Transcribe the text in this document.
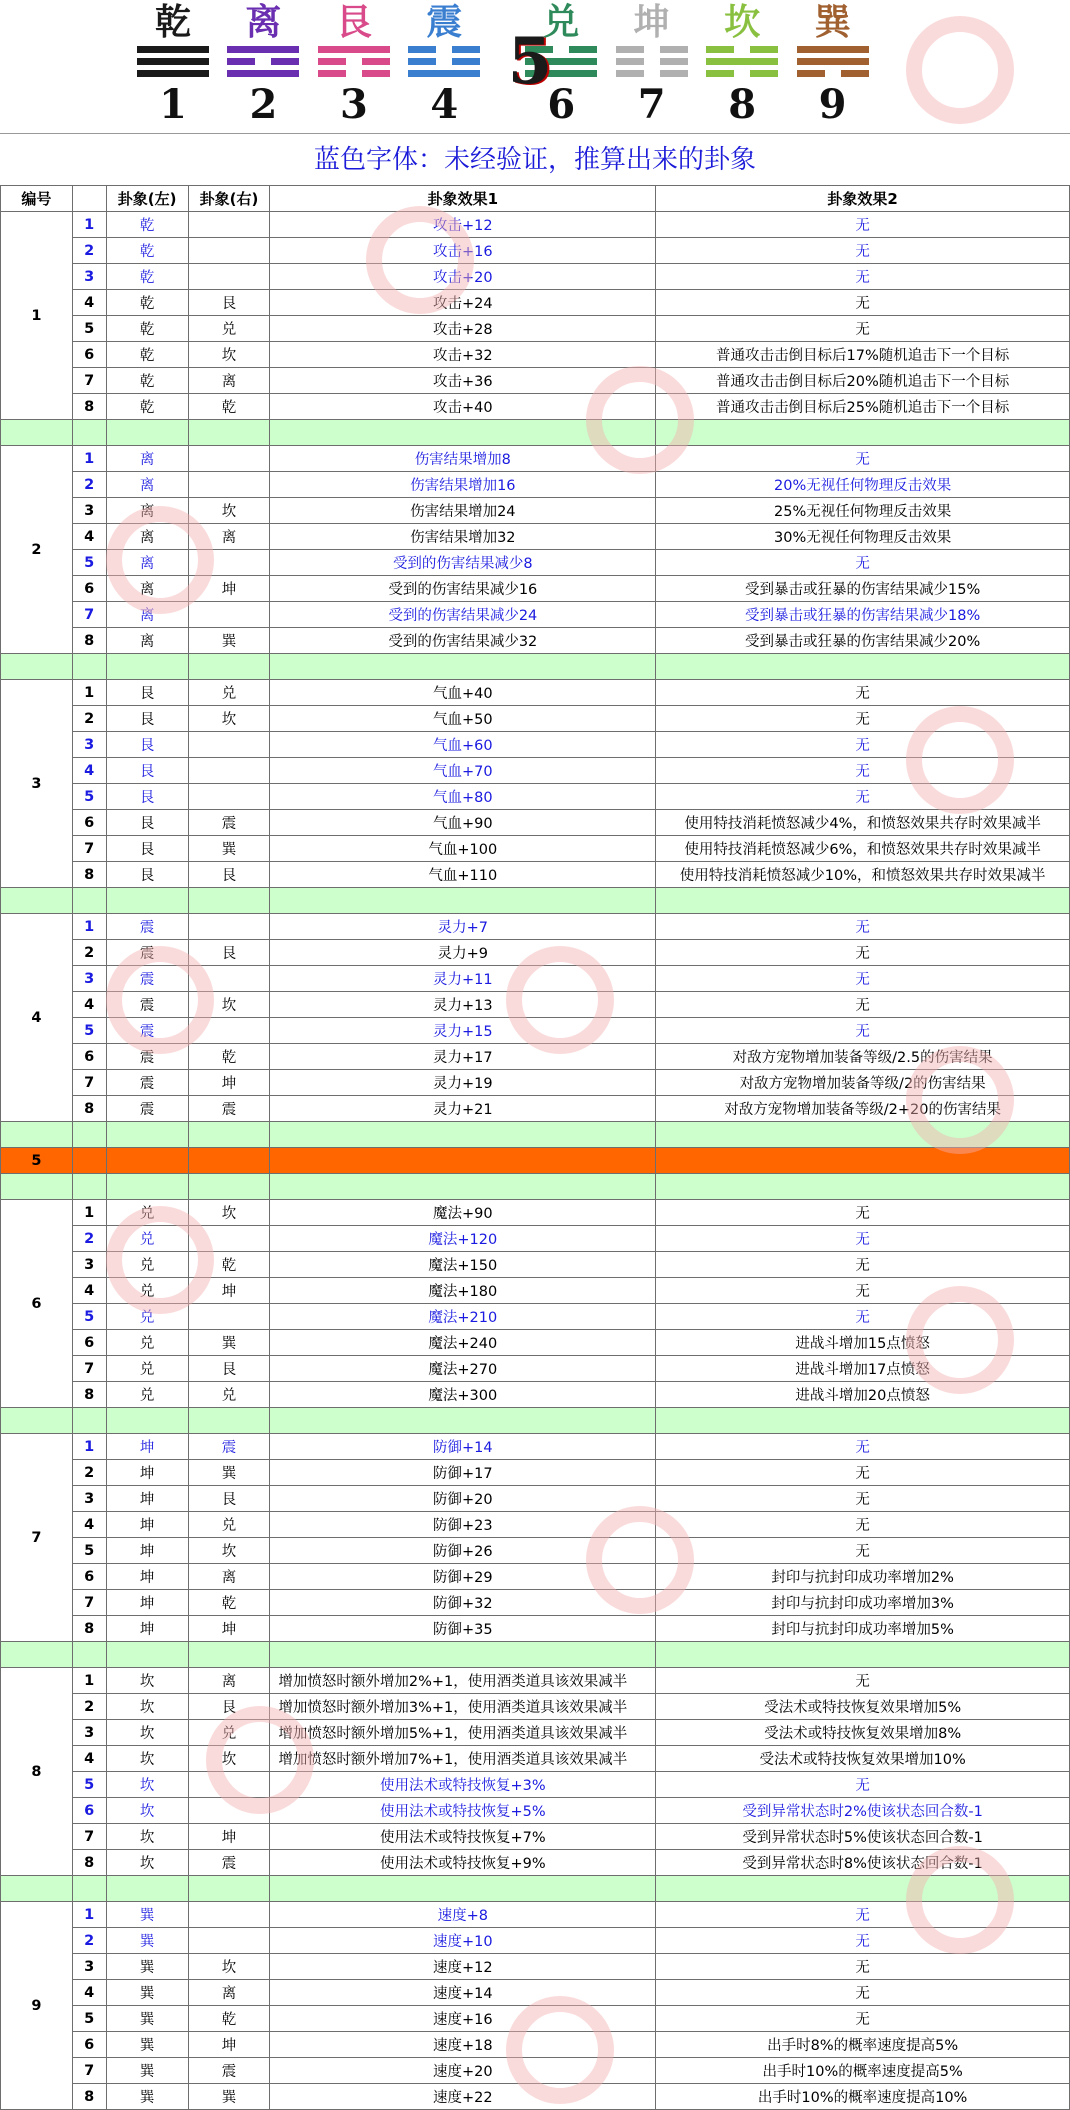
乾
1
离
2
艮
3
震
4
兑
6
坤
7
坎
8
巽
9
5
蓝色字体：未经验证，推算出来的卦象
编号		卦象(左)	卦象(右)	卦象效果1	卦象效果2
1	1	乾		攻击+12	无
	2	乾		攻击+16	无
	3	乾		攻击+20	无
	4	乾	艮	攻击+24	无
	5	乾	兑	攻击+28	无
	6	乾	坎	攻击+32	普通攻击击倒目标后17%随机追击下一个目标
	7	乾	离	攻击+36	普通攻击击倒目标后20%随机追击下一个目标
	8	乾	乾	攻击+40	普通攻击击倒目标后25%随机追击下一个目标

2	1	离		伤害结果增加8	无
	2	离		伤害结果增加16	20%无视任何物理反击效果
	3	离	坎	伤害结果增加24	25%无视任何物理反击效果
	4	离	离	伤害结果增加32	30%无视任何物理反击效果
	5	离		受到的伤害结果减少8	无
	6	离	坤	受到的伤害结果减少16	受到暴击或狂暴的伤害结果减少15%
	7	离		受到的伤害结果减少24	受到暴击或狂暴的伤害结果减少18%
	8	离	巽	受到的伤害结果减少32	受到暴击或狂暴的伤害结果减少20%

3	1	艮	兑	气血+40	无
	2	艮	坎	气血+50	无
	3	艮		气血+60	无
	4	艮		气血+70	无
	5	艮		气血+80	无
	6	艮	震	气血+90	使用特技消耗愤怒减少4%，和愤怒效果共存时效果减半
	7	艮	巽	气血+100	使用特技消耗愤怒减少6%，和愤怒效果共存时效果减半
	8	艮	艮	气血+110	使用特技消耗愤怒减少10%，和愤怒效果共存时效果减半

4	1	震		灵力+7	无
	2	震	艮	灵力+9	无
	3	震		灵力+11	无
	4	震	坎	灵力+13	无
	5	震		灵力+15	无
	6	震	乾	灵力+17	对敌方宠物增加装备等级/2.5的伤害结果
	7	震	坤	灵力+19	对敌方宠物增加装备等级/2的伤害结果
	8	震	震	灵力+21	对敌方宠物增加装备等级/2+20的伤害结果

5					

6	1	兑	坎	魔法+90	无
	2	兑		魔法+120	无
	3	兑	乾	魔法+150	无
	4	兑	坤	魔法+180	无
	5	兑		魔法+210	无
	6	兑	巽	魔法+240	进战斗增加15点愤怒
	7	兑	艮	魔法+270	进战斗增加17点愤怒
	8	兑	兑	魔法+300	进战斗增加20点愤怒

7	1	坤	震	防御+14	无
	2	坤	巽	防御+17	无
	3	坤	艮	防御+20	无
	4	坤	兑	防御+23	无
	5	坤	坎	防御+26	无
	6	坤	离	防御+29	封印与抗封印成功率增加2%
	7	坤	乾	防御+32	封印与抗封印成功率增加3%
	8	坤	坤	防御+35	封印与抗封印成功率增加5%

8	1	坎	离	增加愤怒时额外增加2%+1，使用酒类道具该效果减半	无
	2	坎	艮	增加愤怒时额外增加3%+1，使用酒类道具该效果减半	受法术或特技恢复效果增加5%
	3	坎	兑	增加愤怒时额外增加5%+1，使用酒类道具该效果减半	受法术或特技恢复效果增加8%
	4	坎	坎	增加愤怒时额外增加7%+1，使用酒类道具该效果减半	受法术或特技恢复效果增加10%
	5	坎		使用法术或特技恢复+3%	无
	6	坎		使用法术或特技恢复+5%	受到异常状态时2%使该状态回合数-1
	7	坎	坤	使用法术或特技恢复+7%	受到异常状态时5%使该状态回合数-1
	8	坎	震	使用法术或特技恢复+9%	受到异常状态时8%使该状态回合数-1

9	1	巽		速度+8	无
	2	巽		速度+10	无
	3	巽	坎	速度+12	无
	4	巽	离	速度+14	无
	5	巽	乾	速度+16	无
	6	巽	坤	速度+18	出手时8%的概率速度提高5%
	7	巽	震	速度+20	出手时10%的概率速度提高5%
	8	巽	巽	速度+22	出手时10%的概率速度提高10%
